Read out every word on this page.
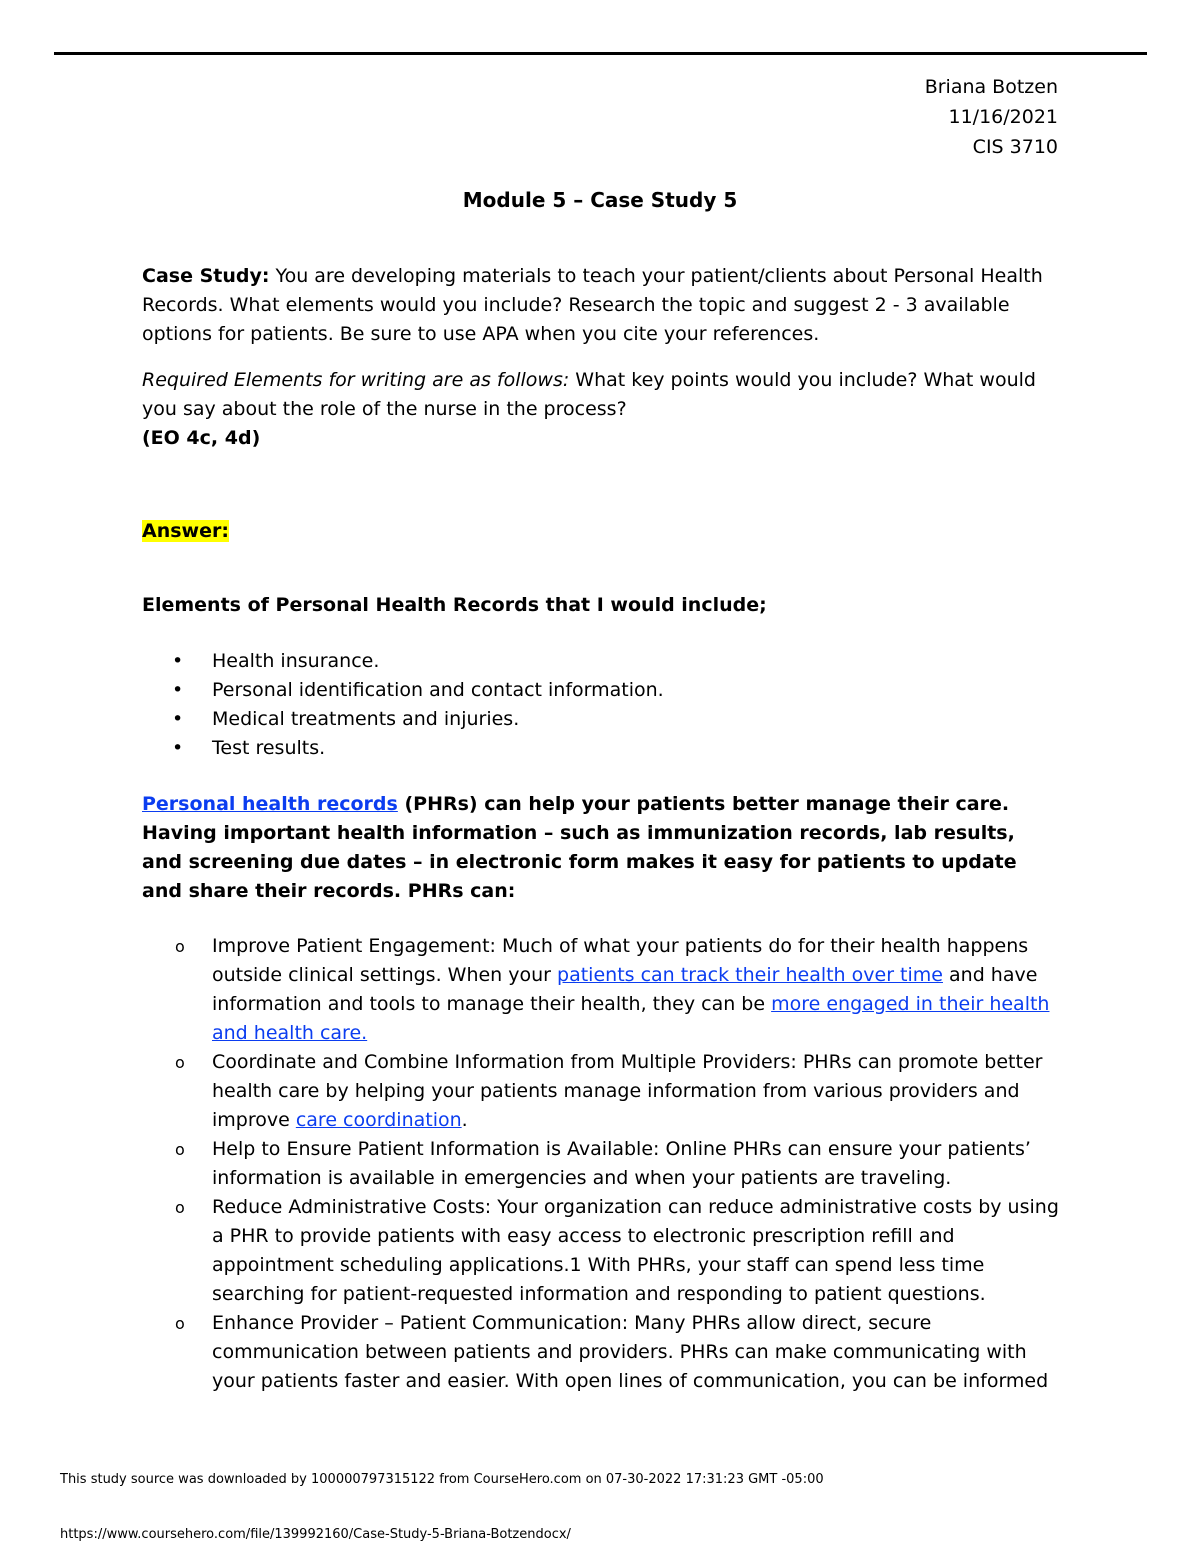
Briana Botzen
11/16/2021
CIS 3710
Module 5 – Case Study 5
Case Study: You are developing materials to teach your patient/clients about Personal Health Records. What elements would you include? Research the topic and suggest 2 - 3 available options for patients. Be sure to use APA when you cite your references.
Required Elements for writing are as follows: What key points would you include? What would you say about the role of the nurse in the process?
(EO 4c, 4d)
Answer:
Elements of Personal Health Records that I would include;
• Health insurance.
• Personal identification and contact information.
• Medical treatments and injuries.
• Test results.
Personal health records (PHRs) can help your patients better manage their care. Having important health information – such as immunization records, lab results, and screening due dates – in electronic form makes it easy for patients to update and share their records. PHRs can:
o Improve Patient Engagement: Much of what your patients do for their health happens outside clinical settings. When your patients can track their health over time and have information and tools to manage their health, they can be more engaged in their health and health care.
o Coordinate and Combine Information from Multiple Providers: PHRs can promote better health care by helping your patients manage information from various providers and improve care coordination.
o Help to Ensure Patient Information is Available: Online PHRs can ensure your patients’ information is available in emergencies and when your patients are traveling.
o Reduce Administrative Costs: Your organization can reduce administrative costs by using a PHR to provide patients with easy access to electronic prescription refill and appointment scheduling applications.1 With PHRs, your staff can spend less time searching for patient-requested information and responding to patient questions.
o Enhance Provider – Patient Communication: Many PHRs allow direct, secure communication between patients and providers. PHRs can make communicating with your patients faster and easier. With open lines of communication, you can be informed
This study source was downloaded by 100000797315122 from CourseHero.com on 07-30-2022 17:31:23 GMT -05:00
https://www.coursehero.com/file/139992160/Case-Study-5-Briana-Botzendocx/
